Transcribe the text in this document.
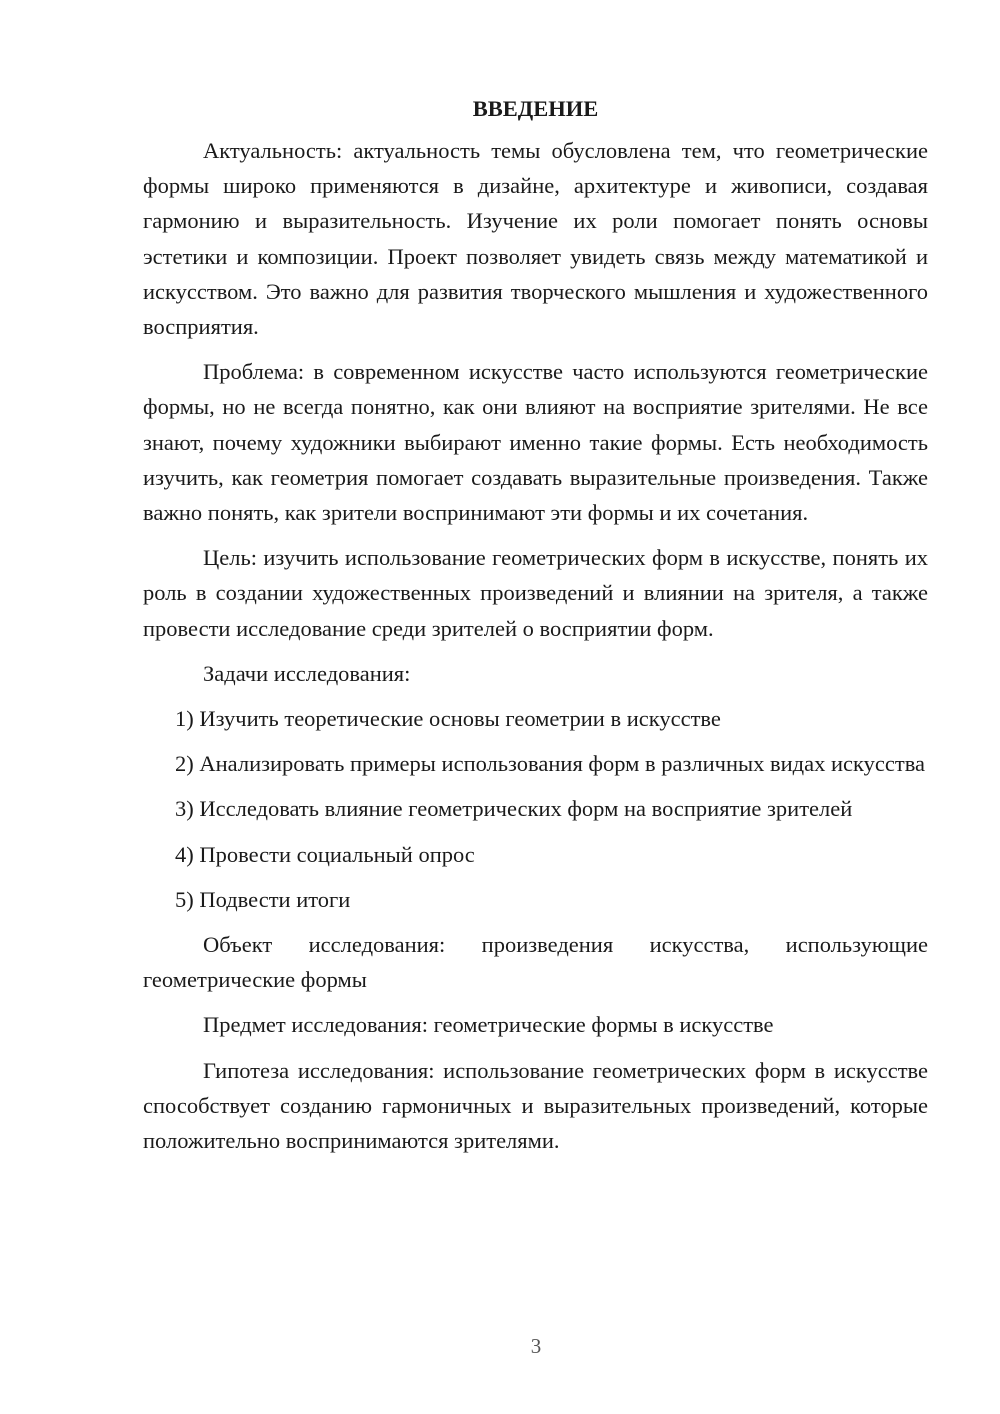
ВВЕДЕНИЕ

Актуальность: актуальность темы обусловлена тем, что геометрические формы широко применяются в дизайне, архитектуре и живописи, создавая гармонию и выразительность. Изучение их роли помогает понять основы эстетики и композиции. Проект позволяет увидеть связь между математикой и искусством. Это важно для развития творческого мышления и художественного восприятия.

Проблема: в современном искусстве часто используются геометрические формы, но не всегда понятно, как они влияют на восприятие зрителями. Не все знают, почему художники выбирают именно такие формы. Есть необходимость изучить, как геометрия помогает создавать выразительные произведения. Также важно понять, как зрители воспринимают эти формы и их сочетания.

Цель: изучить использование геометрических форм в искусстве, понять их роль в создании художественных произведений и влиянии на зрителя, а также провести исследование среди зрителей о восприятии форм.

Задачи исследования:

1) Изучить теоретические основы геометрии в искусстве

2) Анализировать примеры использования форм в различных видах искусства

3) Исследовать влияние геометрических форм на восприятие зрителей

4) Провести социальный опрос

5) Подвести итоги

Объект исследования: произведения искусства, использующие геометрические формы

Предмет исследования: геометрические формы в искусстве

Гипотеза исследования: использование геометрических форм в искусстве способствует созданию гармоничных и выразительных произведений, которые положительно воспринимаются зрителями.

3
